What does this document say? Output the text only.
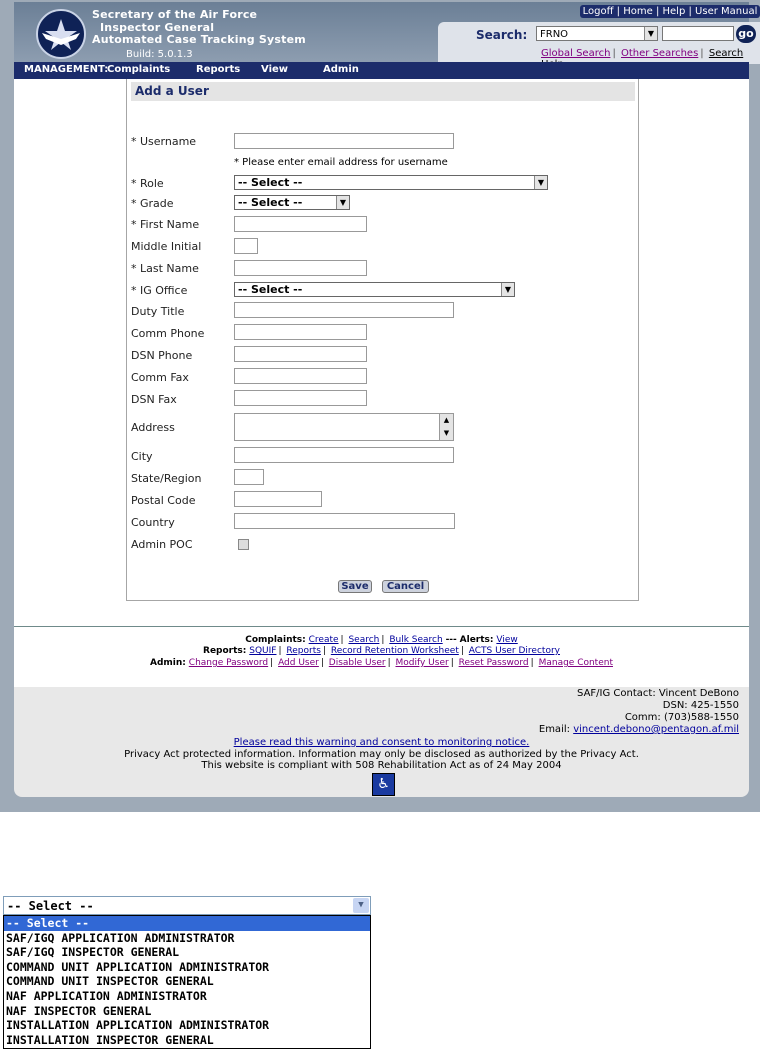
Secretary of the Air Force
Inspector General
Automated Case Tracking System
Build: 5.0.1.3
Logoff | Home | Help | User Manual
Search:	FRNO	▼	go
Global Search | Other Searches | Search
MANAGEMENT:
Complaints	Reports View	Admin
Add a User
* Username
* Please enter email address for username
* Role	-- Select --	▼
* Grade	-- Select --	▼
* First Name
Middle Initial
* Last Name
* IG Office	-- Select --	▼
Duty Title
Comm Phone
DSN Phone
Comm Fax
DSN Fax
Address
▲
▼
City
State/Region
Postal Code
Country
Admin POC
Save	Cancel
Complaints: Create | Search | Bulk Search --- Alerts: View
Reports: SQUIF | Reports | Record Retention Worksheet | ACTS User Directory
Admin: Change Password | Add User | Disable User | Modify User | Reset Password | Manage Content
SAF/IG Contact: Vincent DeBono
DSN: 425-1550
Comm: (703)588-1550
Email: vincent.debono@pentagon.af.mil
Please read this warning and consent to monitoring notice.
Privacy Act protected information. Information may only be disclosed as authorized by the Privacy Act.
This website is compliant with 508 Rehabilitation Act as of 24 May 2004
♿
-- Select --	▼
-- Select --
SAF/IGQ APPLICATION ADMINISTRATOR
SAF/IGQ INSPECTOR GENERAL
COMMAND UNIT APPLICATION ADMINISTRATOR
COMMAND UNIT INSPECTOR GENERAL
NAF APPLICATION ADMINISTRATOR
NAF INSPECTOR GENERAL
INSTALLATION APPLICATION ADMINISTRATOR
INSTALLATION INSPECTOR GENERAL
